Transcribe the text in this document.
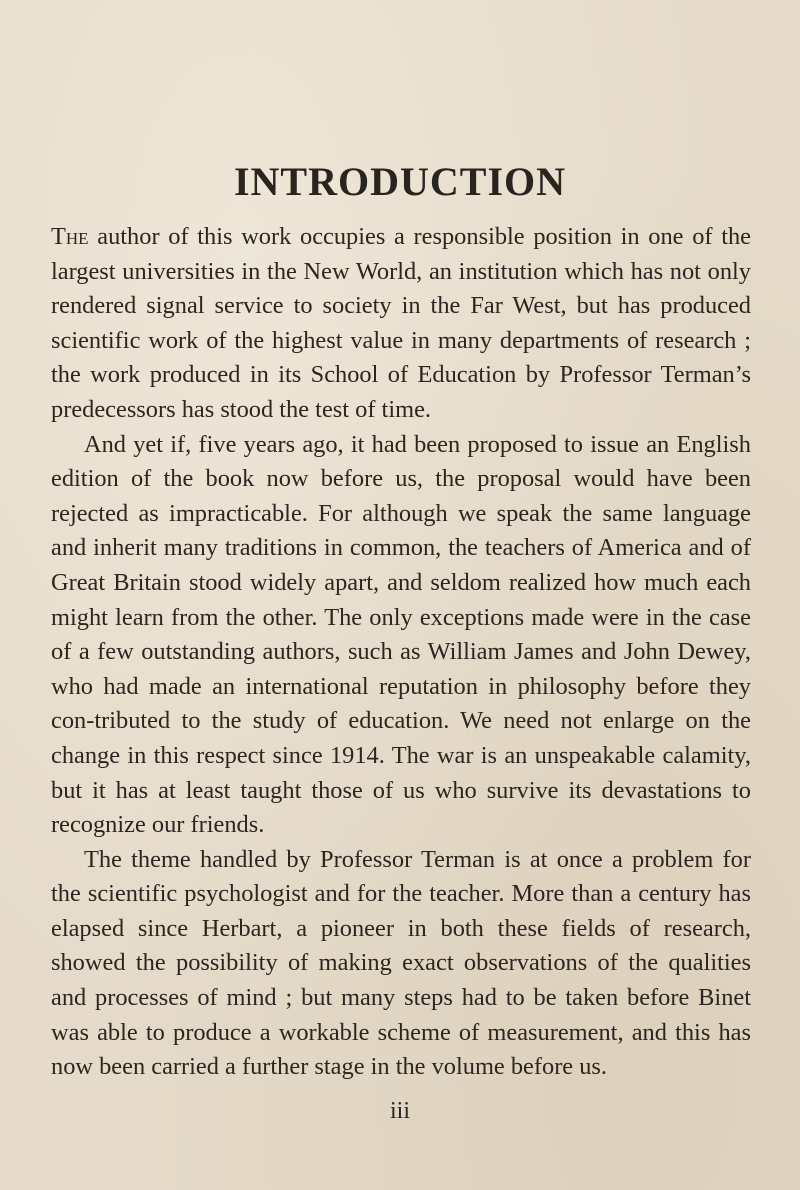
INTRODUCTION

The author of this work occupies a responsible position in one of the largest universities in the New World, an institution which has not only rendered signal service to society in the Far West, but has produced scientific work of the highest value in many departments of research ; the work produced in its School of Education by Professor Terman’s predecessors has stood the test of time.

And yet if, five years ago, it had been proposed to issue an English edition of the book now before us, the proposal would have been rejected as impracticable. For although we speak the same language and inherit many traditions in common, the teachers of America and of Great Britain stood widely apart, and seldom realized how much each might learn from the other. The only exceptions made were in the case of a few outstanding authors, such as William James and John Dewey, who had made an international reputation in philosophy before they con-tributed to the study of education. We need not enlarge on the change in this respect since 1914. The war is an unspeakable calamity, but it has at least taught those of us who survive its devastations to recognize our friends.

The theme handled by Professor Terman is at once a problem for the scientific psychologist and for the teacher. More than a century has elapsed since Herbart, a pioneer in both these fields of research, showed the possibility of making exact observations of the qualities and processes of mind ; but many steps had to be taken before Binet was able to produce a workable scheme of measurement, and this has now been carried a further stage in the volume before us.

iii
